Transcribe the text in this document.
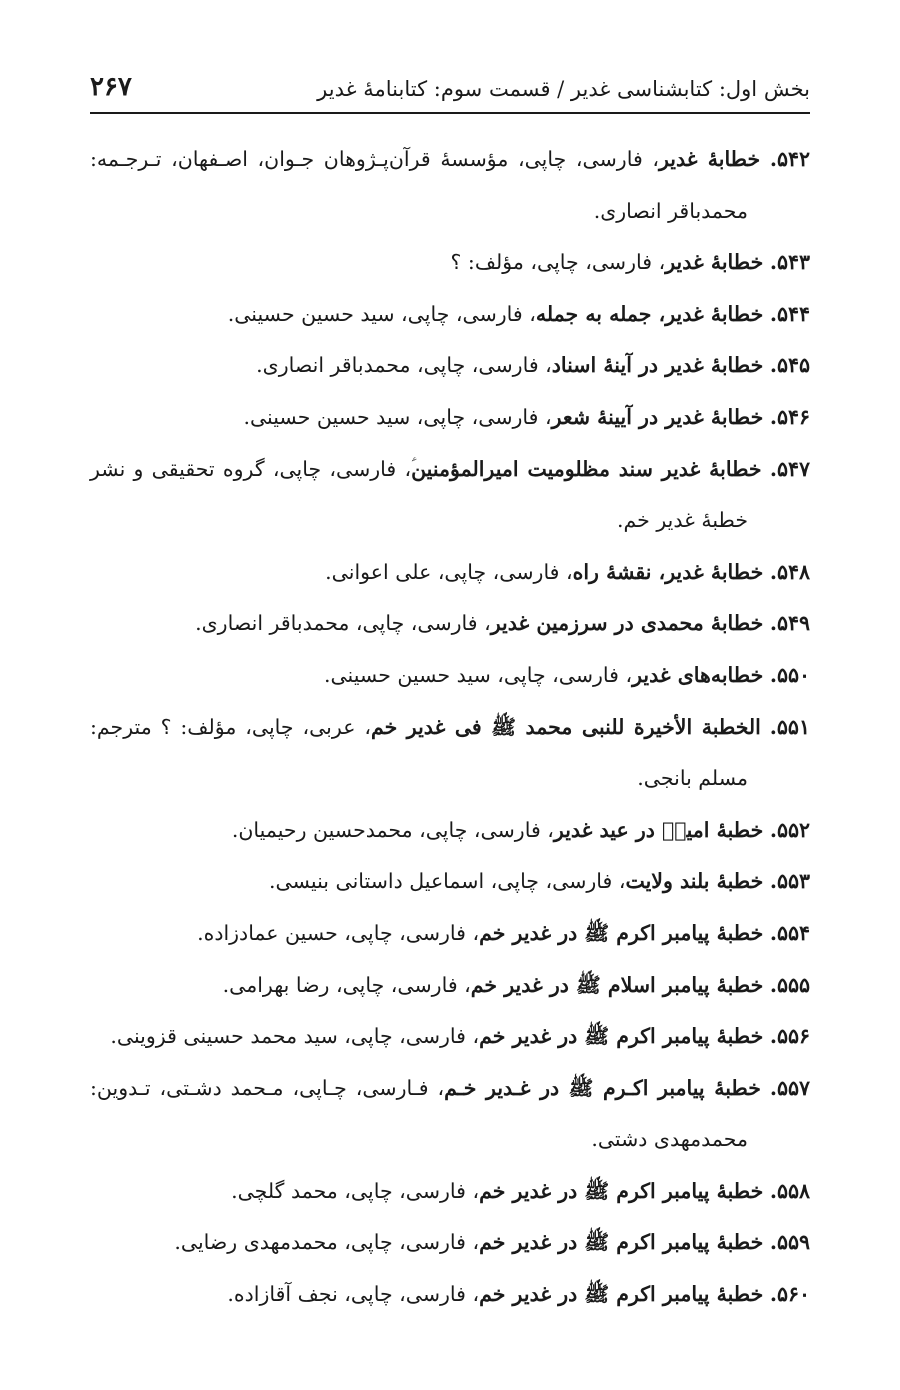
بخش اول: کتابشناسی غدیر / قسمت سوم: کتابنامهٔ غدیر
۲۶۷
۵۴۲. خطابهٔ غدیر، فارسی، چاپی، مؤسسهٔ قرآن‌پـژوهان جـوان، اصـفهان، تـرجـمه: محمدباقر انصاری.
۵۴۳. خطابهٔ غدیر، فارسی، چاپی، مؤلف: ؟
۵۴۴. خطابهٔ غدیر، جمله به جمله، فارسی، چاپی، سید حسین حسینی.
۵۴۵. خطابهٔ غدیر در آینهٔ اسناد، فارسی، چاپی، محمدباقر انصاری.
۵۴۶. خطابهٔ غدیر در آیینهٔ شعر، فارسی، چاپی، سید حسین حسینی.
۵۴۷. خطابهٔ غدیر سند مظلومیت امیرالمؤمنینؑ، فارسی، چاپی، گروه تحقیقی و نشر خطبهٔ غدیر خم.
۵۴۸. خطابهٔ غدیر، نقشهٔ راه، فارسی، چاپی، علی اعوانی.
۵۴۹. خطابهٔ محمدی در سرزمین غدیر، فارسی، چاپی، محمدباقر انصاری.
۵۵۰. خطابه‌های غدیر، فارسی، چاپی، سید حسین حسینی.
۵۵۱. الخطبة الأخیرة للنبی محمد ﷺ فی غدیر خم، عربی، چاپی، مؤلف: ؟ مترجم: مسلم بانجی.
۵۵۲. خطبهٔ امیرؑ در عید غدیر، فارسی، چاپی، محمدحسین رحیمیان.
۵۵۳. خطبهٔ بلند ولایت، فارسی، چاپی، اسماعیل داستانی بنیسی.
۵۵۴. خطبهٔ پیامبر اکرم ﷺ در غدیر خم، فارسی، چاپی، حسین عمادزاده.
۵۵۵. خطبهٔ پیامبر اسلام ﷺ در غدیر خم، فارسی، چاپی، رضا بهرامی.
۵۵۶. خطبهٔ پیامبر اکرم ﷺ در غدیر خم، فارسی، چاپی، سید محمد حسینی قزوینی.
۵۵۷. خطبهٔ پیامبر اکـرم ﷺ در غـدیر خـم، فـارسی، چـاپی، مـحمد دشـتی، تـدوین: محمدمهدی دشتی.
۵۵۸. خطبهٔ پیامبر اکرم ﷺ در غدیر خم، فارسی، چاپی، محمد گلچی.
۵۵۹. خطبهٔ پیامبر اکرم ﷺ در غدیر خم، فارسی، چاپی، محمدمهدی رضایی.
۵۶۰. خطبهٔ پیامبر اکرم ﷺ در غدیر خم، فارسی، چاپی، نجف آقازاده.
